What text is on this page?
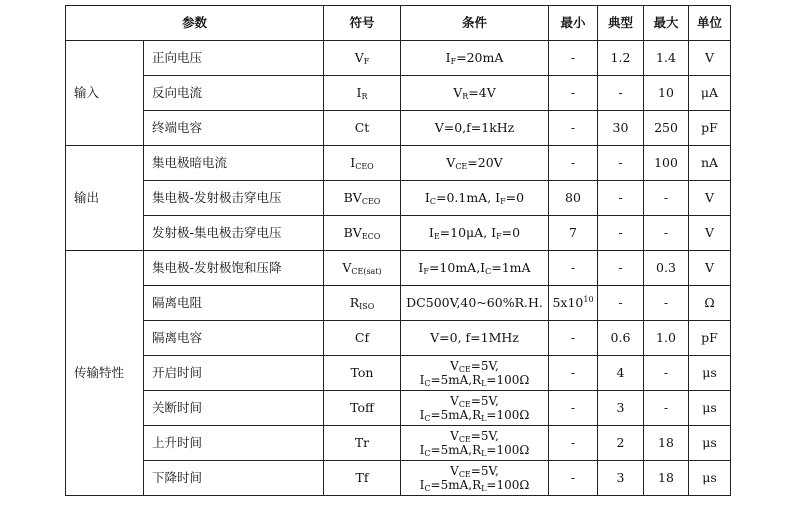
参数		符号	条件	最小	典型	最大	单位
输入	正向电压	$V_F$	$I_F=20mA$	-	1.2	1.4	V
	反向电流	$I_R$	$V_R=4V$	-	-	10	μA
	终端电容	Ct	V=0,f=1kHz	-	30	250	pF
输出	集电极暗电流	$I_{CEO}$	$V_{CE}=20V$	-	-	100	nA
	集电极-发射极击穿电压	$BV_{CEO}$	$I_C=0.1mA$, $I_F=0$	80	-	-	V
	发射极-集电极击穿电压	$BV_{ECO}$	$I_E=10\mu A$, $I_F=0$	7	-	-	V
传输特性	集电极-发射极饱和压降	$V_{CE(sat)}$	$I_F=10mA,I_C=1mA$	-	-	0.3	V
	隔离电阻	$R_{ISO}$	DC500V,40~60%R.H.	$5x10^{10}$	-	-	Ω
	隔离电容	Cf	V=0, f=1MHz	-	0.6	1.0	pF
	开启时间	Ton	$V_{CE}=5V$,
$I_C=5mA,R_L=100\Omega$	-	4	-	μs
	关断时间	Toff	$V_{CE}=5V$,
$I_C=5mA,R_L=100\Omega$	-	3	-	μs
	上升时间	Tr	$V_{CE}=5V$,
$I_C=5mA,R_L=100\Omega$	-	2	18	μs
	下降时间	Tf	$V_{CE}=5V$,
$I_C=5mA,R_L=100\Omega$	-	3	18	μs
